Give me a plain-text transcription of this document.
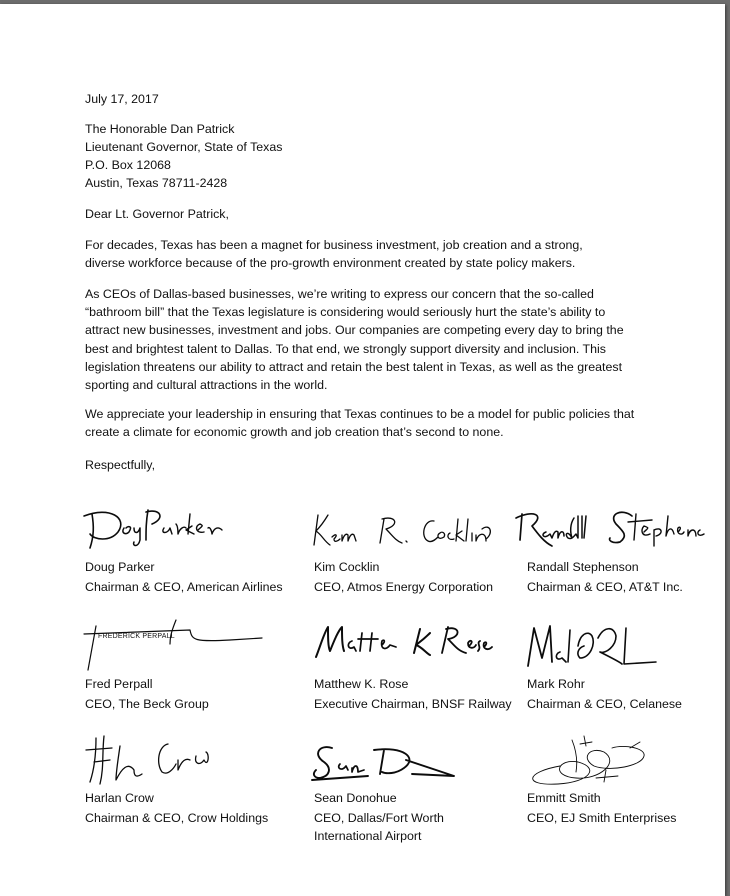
July 17, 2017
The Honorable Dan Patrick
Lieutenant Governor, State of Texas
P.O. Box 12068
Austin, Texas 78711-2428
Dear Lt. Governor Patrick,
For decades, Texas has been a magnet for business investment, job creation and a strong, diverse workforce because of the pro-growth environment created by state policy makers.
As CEOs of Dallas-based businesses, we’re writing to express our concern that the so-called “bathroom bill” that the Texas legislature is considering would seriously hurt the state’s ability to attract new businesses, investment and jobs. Our companies are competing every day to bring the best and brightest talent to Dallas. To that end, we strongly support diversity and inclusion. This legislation threatens our ability to attract and retain the best talent in Texas, as well as the greatest sporting and cultural attractions in the world.
We appreciate your leadership in ensuring that Texas continues to be a model for public policies that create a climate for economic growth and job creation that’s second to none.
Respectfully,
Doug Parker
Chairman & CEO, American Airlines
Kim Cocklin
CEO, Atmos Energy Corporation
Randall Stephenson
Chairman & CEO, AT&T Inc.
FREDERICK PERPALL
Fred Perpall
CEO, The Beck Group
Matthew K. Rose
Executive Chairman, BNSF Railway
Mark Rohr
Chairman & CEO, Celanese
Harlan Crow
Chairman & CEO, Crow Holdings
Sean Donohue
CEO, Dallas/Fort Worth International Airport
Emmitt Smith
CEO, EJ Smith Enterprises
